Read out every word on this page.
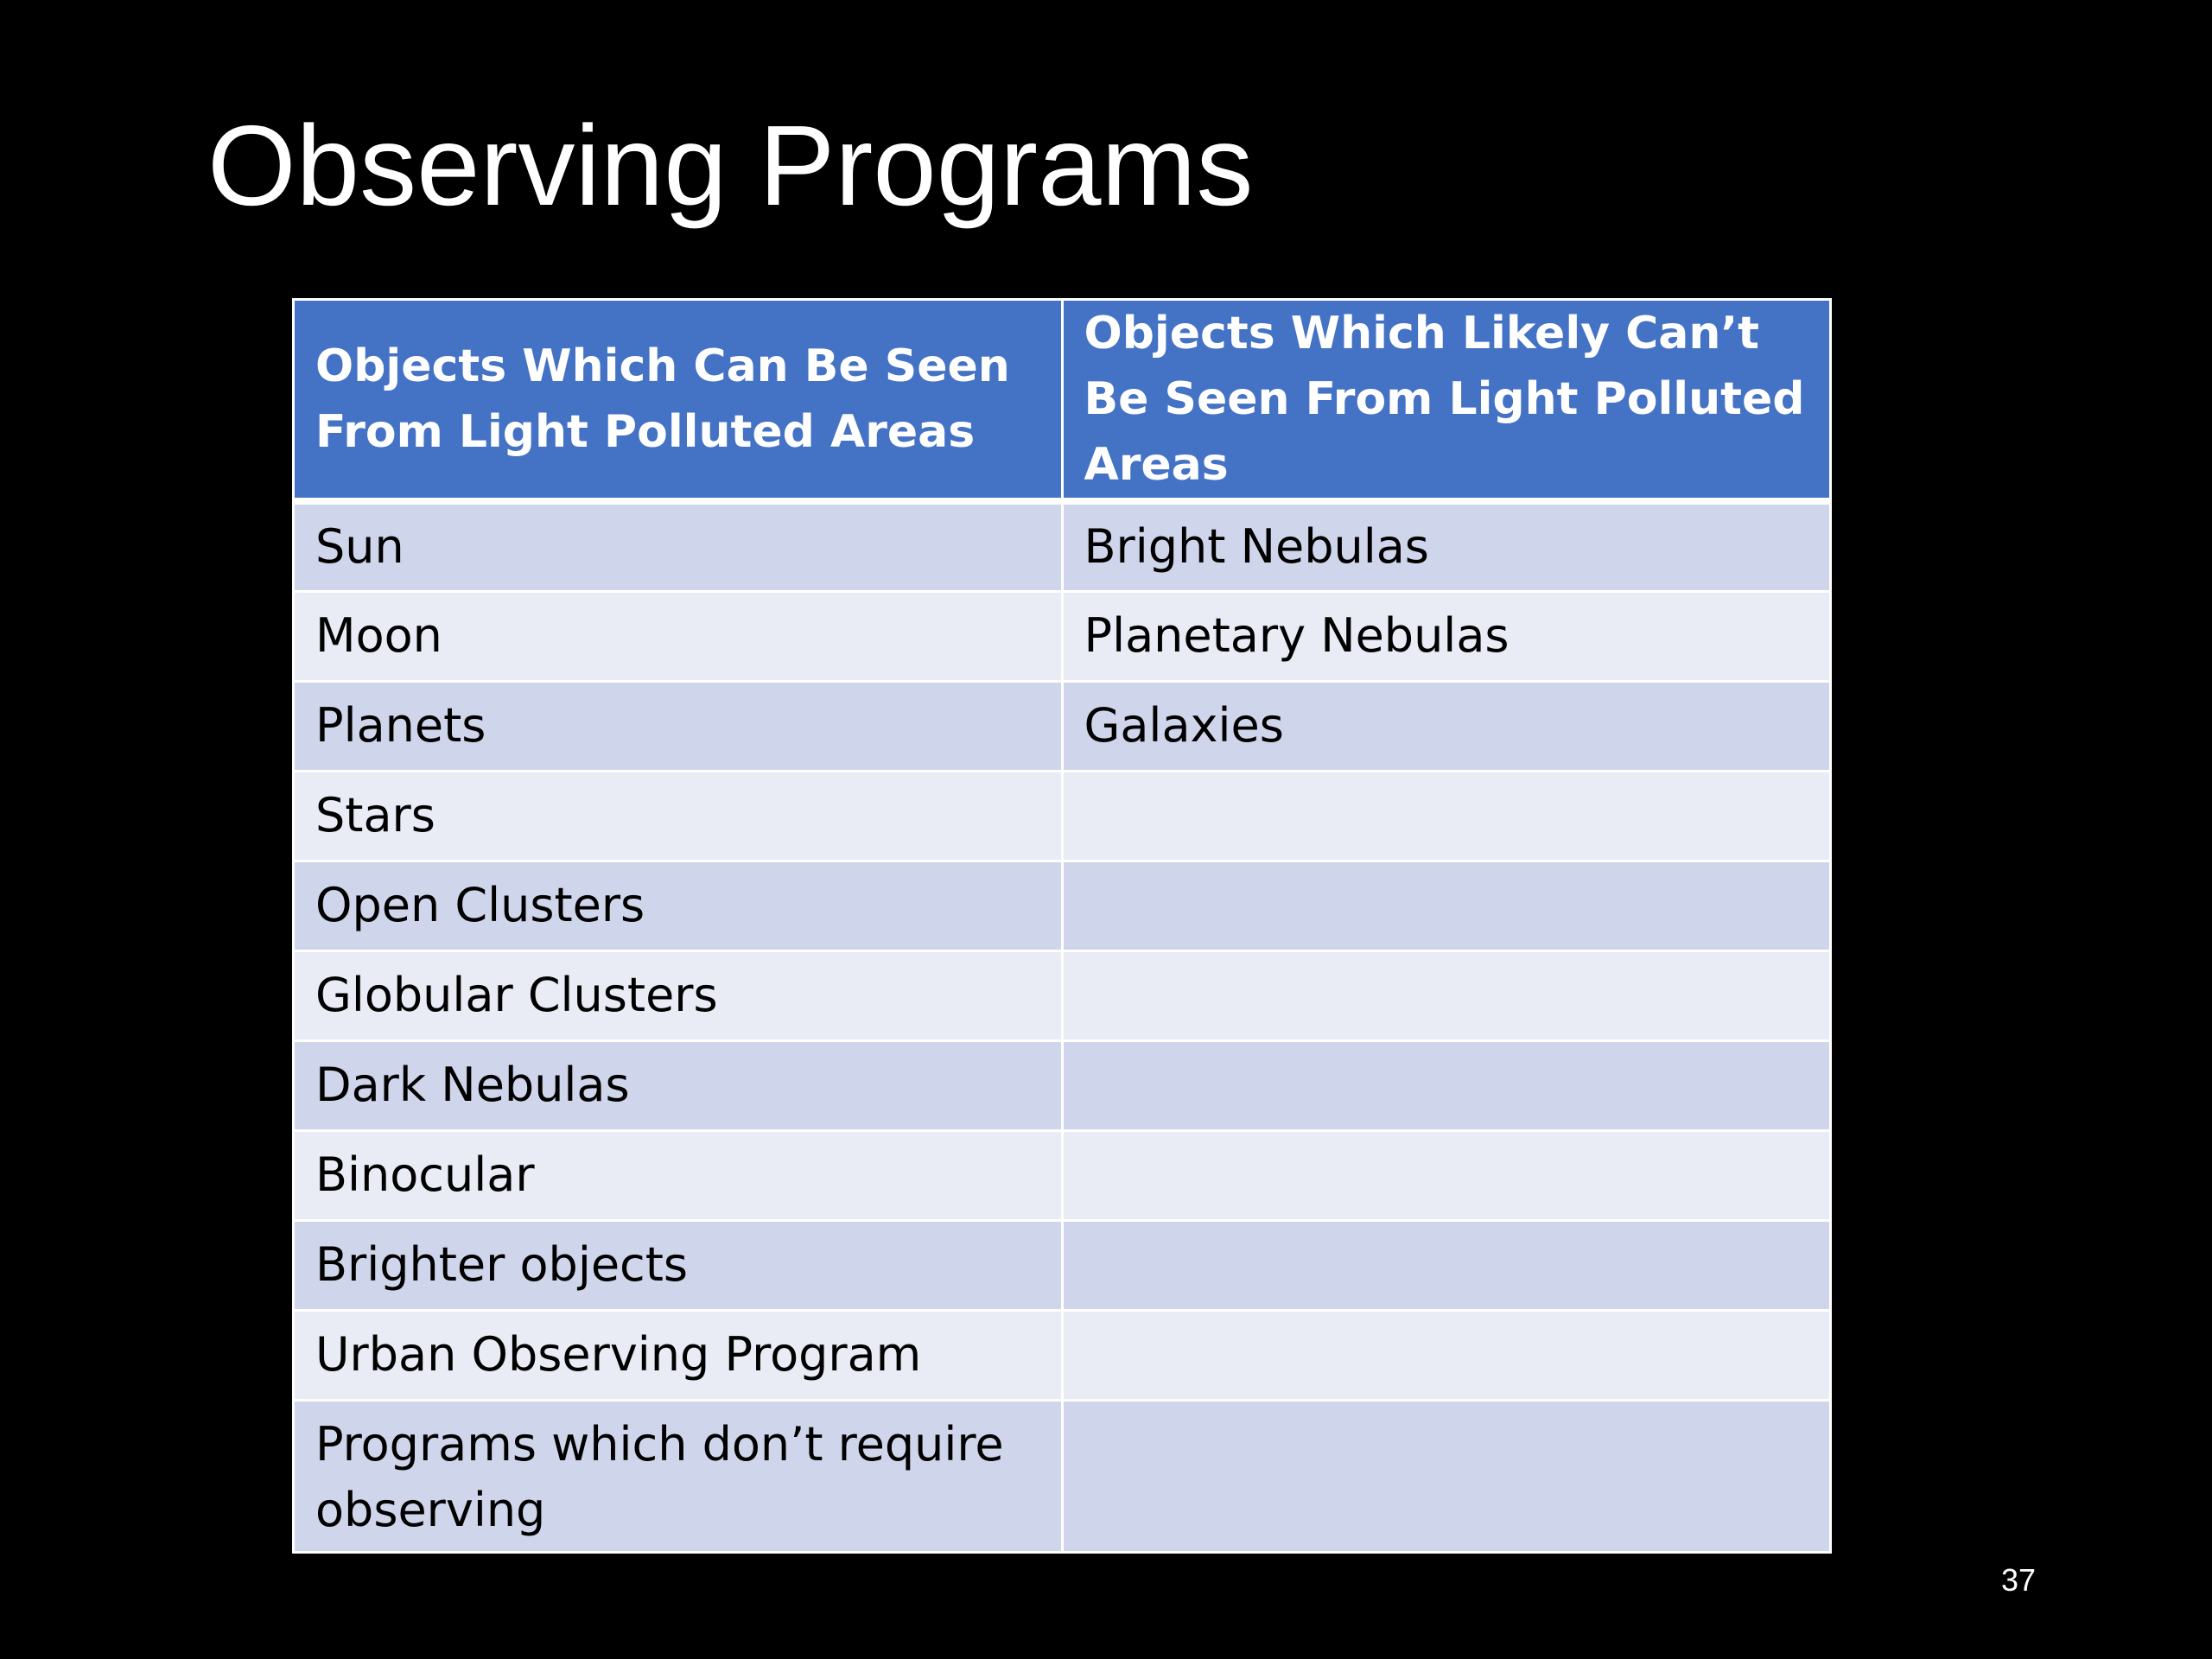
Observing Programs
Objects Which Can Be Seen From Light Polluted Areas	Objects Which Likely Can’t Be Seen From Light Polluted Areas
Sun	Bright Nebulas
Moon	Planetary Nebulas
Planets	Galaxies
Stars	
Open Clusters	
Globular Clusters	
Dark Nebulas	
Binocular	
Brighter objects	
Urban Observing Program	
Programs which don’t require observing	
37
